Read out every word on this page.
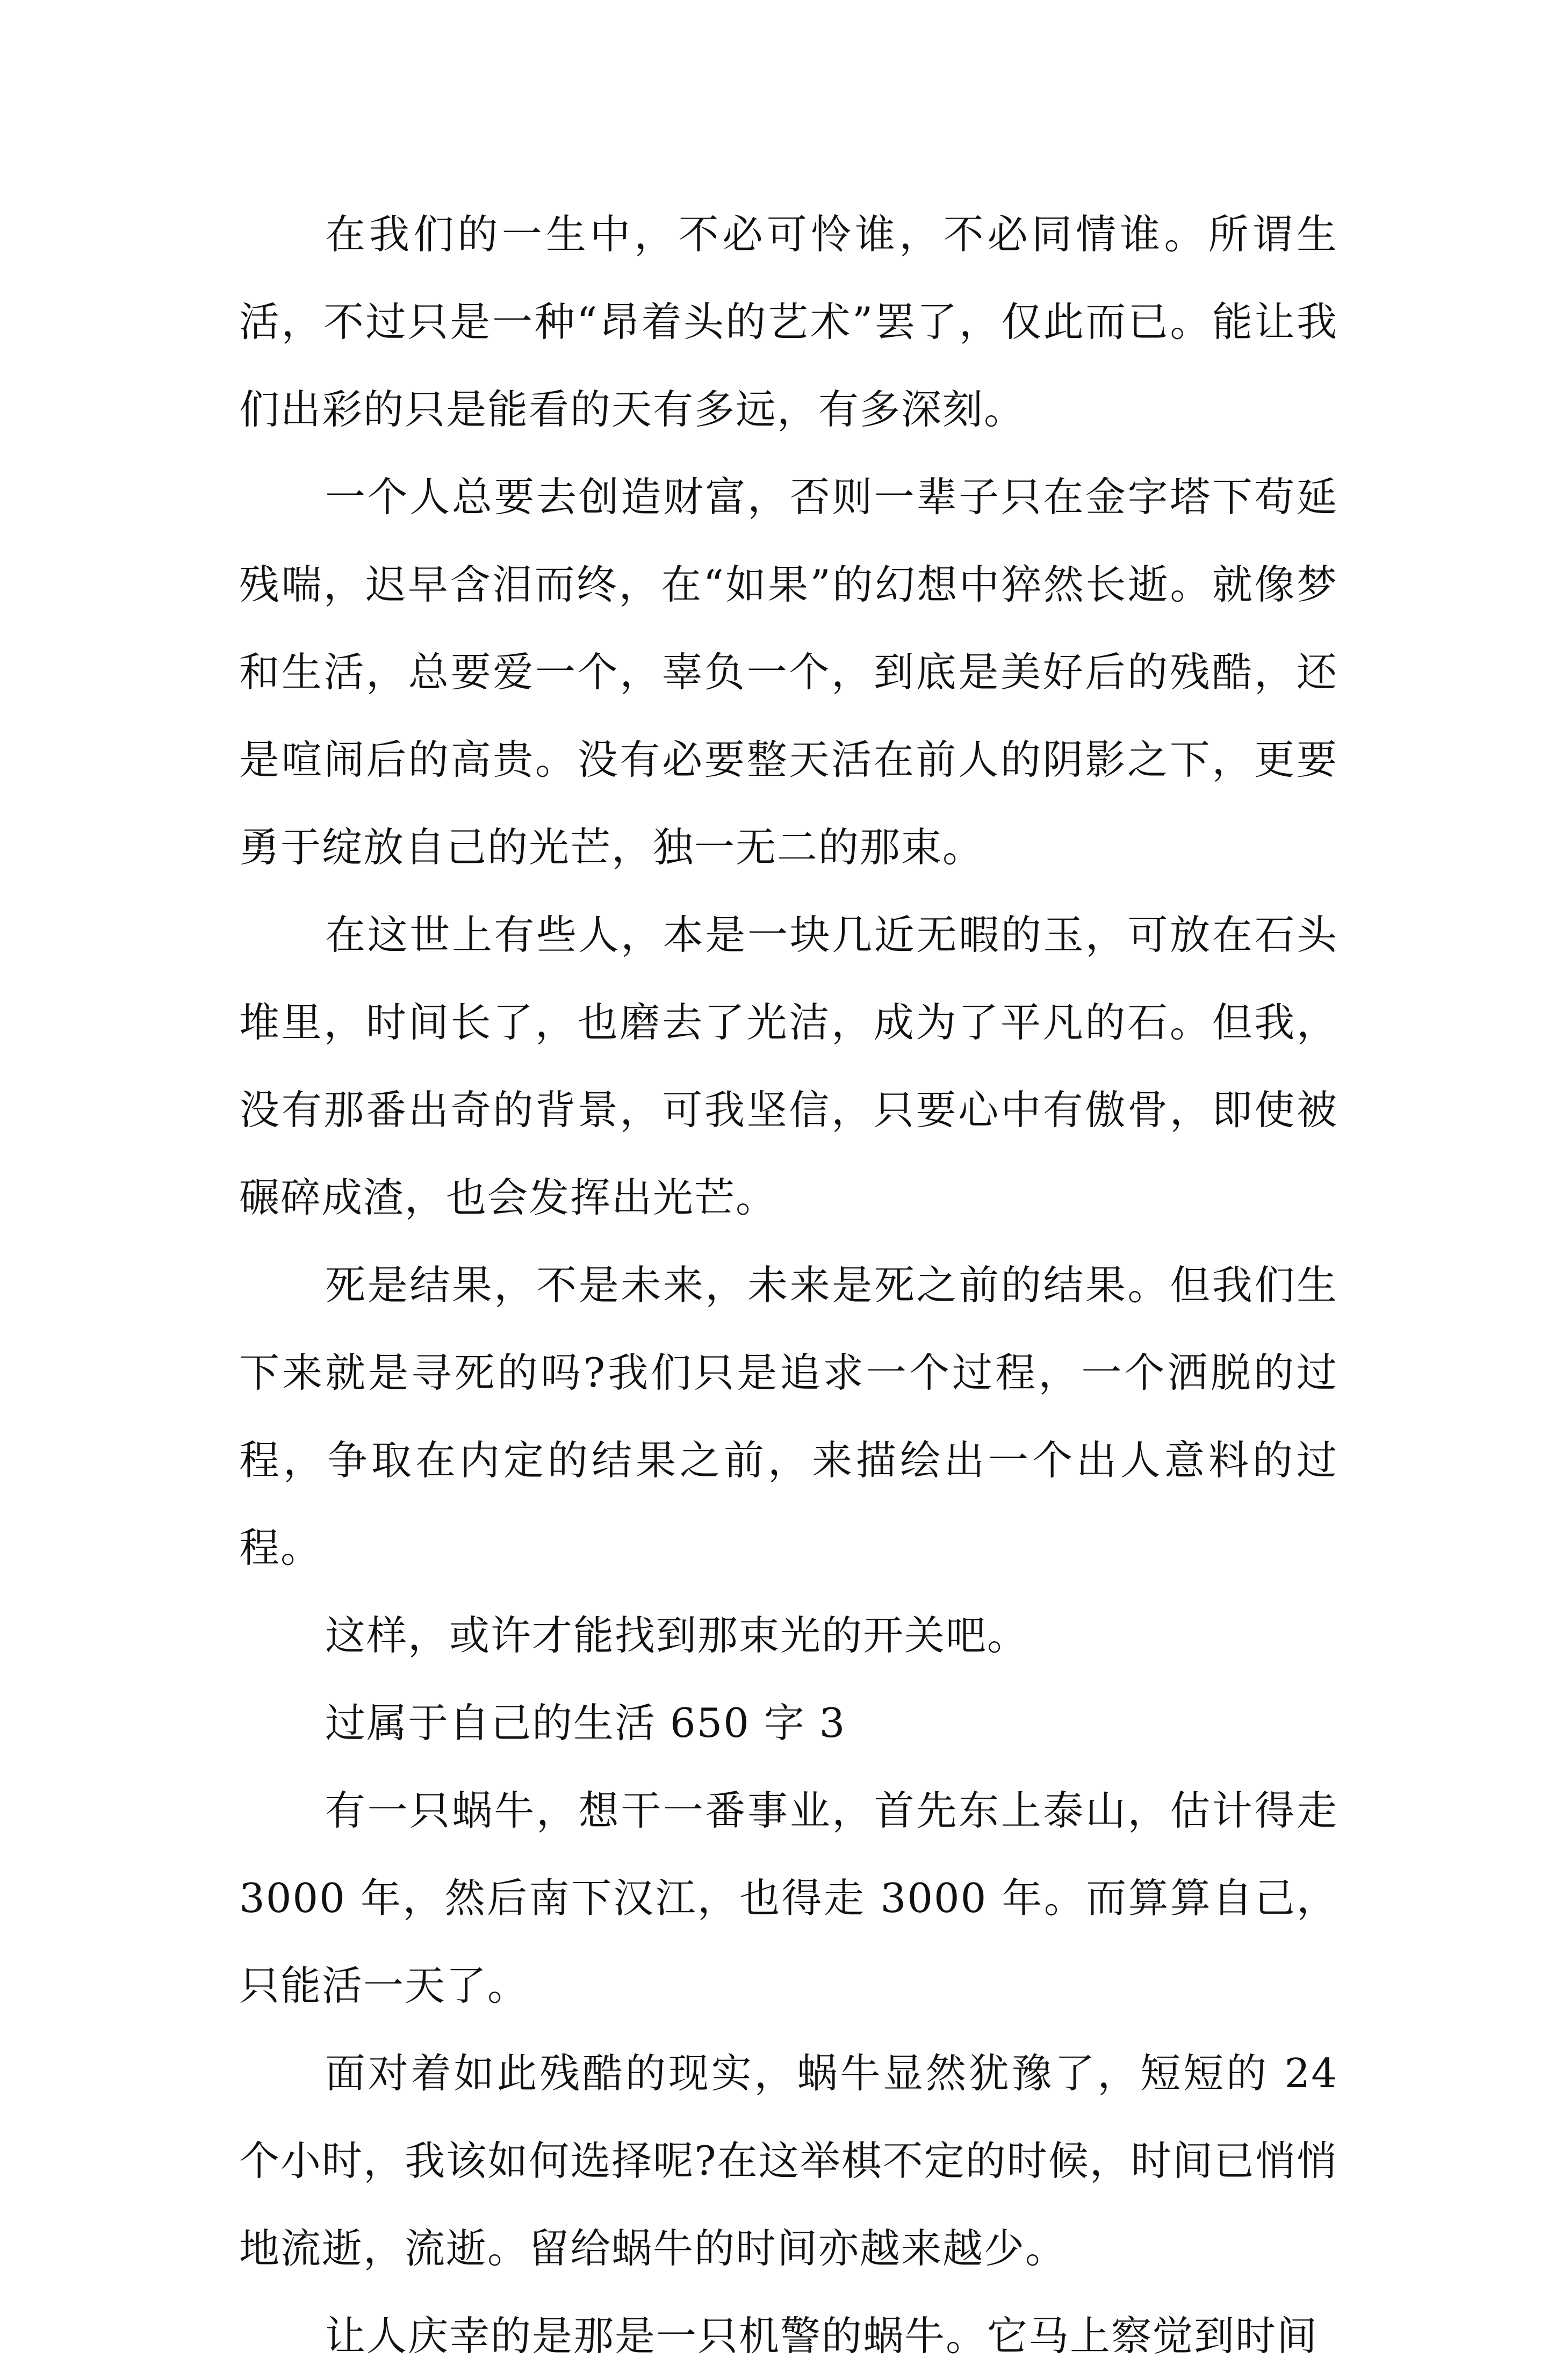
在我们的一生中，不必可怜谁，不必同情谁。所谓生活，不过只是一种“昂着头的艺术”罢了，仅此而已。能让我们出彩的只是能看的天有多远，有多深刻。

一个人总要去创造财富，否则一辈子只在金字塔下苟延残喘，迟早含泪而终，在“如果”的幻想中猝然长逝。就像梦和生活，总要爱一个，辜负一个，到底是美好后的残酷，还是喧闹后的高贵。没有必要整天活在前人的阴影之下，更要勇于绽放自己的光芒，独一无二的那束。

在这世上有些人，本是一块几近无暇的玉，可放在石头堆里，时间长了，也磨去了光洁，成为了平凡的石。但我，没有那番出奇的背景，可我坚信，只要心中有傲骨，即使被碾碎成渣，也会发挥出光芒。

死是结果，不是未来，未来是死之前的结果。但我们生下来就是寻死的吗?我们只是追求一个过程，一个洒脱的过程，争取在内定的结果之前，来描绘出一个出人意料的过程。

这样，或许才能找到那束光的开关吧。

过属于自己的生活 650 字 3

有一只蜗牛，想干一番事业，首先东上泰山，估计得走3000 年，然后南下汉江，也得走 3000 年。而算算自己，只能活一天了。

面对着如此残酷的现实，蜗牛显然犹豫了，短短的 24个小时，我该如何选择呢?在这举棋不定的时候，时间已悄悄地流逝，流逝。留给蜗牛的时间亦越来越少。

让人庆幸的是那是一只机警的蜗牛。它马上察觉到时间
